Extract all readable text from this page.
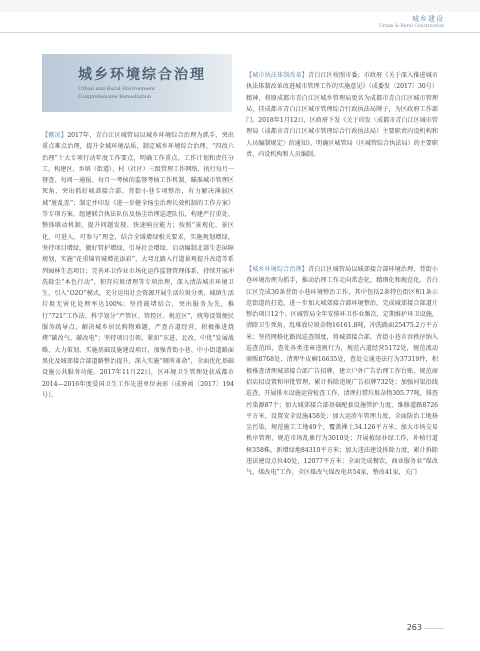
城乡建设
Urban & Rural Construction
城乡环境综合治理
Urban and Rural Environment
Comprehensive Remediation
【概况】2017年，青白江区城管局以城乡环境综合治理为抓手，突出重点难点治理，提升全域环境品质，制定城乡环境综合治理、“四改六治理”十大专项行动年度工作要点，明确工作重点、工作计划和责任分工。构建区、乡镇（街道）、村（社区）三级管理工作网络，执行每月一督查、每周一通报、每月一考核的监督考核工作机制，瞄准城市管理区死角，突出抓好城郊接合部、背街小巷专项整治，有力解决薄弱区域“脏乱差”；制定并印发《进一步健全扬尘治理长效机制的工作方案》等专项方案，组建联合执法队伍及扬尘治理巡逻队伍，构建严打重处、整体联动机制，提升问题发现、快速响应能力；按照“景观化、景区化、可进入、可参与”理念，结合全域增绿相关要求，实施规划增绿，坚持项目增绿，做好管护增绿，引导社会增绿，启动编制北部生态屏障规划，实施“花重锦官城增花添彩”、大弯北路入行道景观提升改造等系列园林生态项目；完善环卫作业市场化运作监督管理体系，持续开展冲洗除尘“本色行动”、积存垃圾清理等专项治理，深入清洁城市环境卫生，引入“O2O”模式，充分运用社会资源开展生活垃圾分类，城镇生活垃圾无害化处理率达100%；坚持疏堵结合，突出服务为先，推行“721”工作法，科学划分“严管区、管控区、规范区”，统筹设置便民服务疏导点，解决城乡居民购物难题，严查占道经营，积极推进烧烤“碳改气、碳改电”；坚持项目引领，紧扣“东进、北改、中优”发展战略，大力策划、实施基础设施建设项目，加强背街小巷、中小街道路面黑化及城郊接合部道路整治提升，深入实施“厕所革命”，全面优化基础设施公共服务功能。2017年11月22日，区环境卫生管理处获成都市2014—2016年度爱国卫生工作先进单位表彰（成府函〔2017〕194号）。
【城市执法体制改革】青白江区按照市委、市政府《关于深入推进城市执法体制改革改进城市管理工作的实施意见》（成委发〔2017〕30号）精神，将原成都市青白江区城乡管理局更名为成都市青白江区城市管理局，挂成都市青白江区城市管理综合行政执法局牌子，为区政府工作部门。2018年1月12日，区政府下发《关于印发〈成都市青白江区城市管理局（成都市青白江区城市管理综合行政执法局）主要职责内设机构和人员编制规定〉的通知》，明确区城管局（区城管综合执法局）的主要职责、内设机构和人员编制。
【城乡环境综合治理】青白江区城管局以城郊接合部环境治理、背街小巷环境治理为抓手，推动治理工作走向常态化、精细化和规范化。青白江区完成30条背街小巷环境整治工作，其中包括2条特色街区和1条示范街道的打造，进一步加大城郊接合部环境整治，完成城郊接合部道片整治项目12个。区城管局全年安排环卫作业频次，定期维护环卫设施，清除卫生死角、乱堆放垃圾杂物16161.8吨，冲洗路面25475.2万平方米；坚持网格化路段巡查制度，将城郊接合部、背街小巷市容秩序纳入巡查范围，查处各类违章违规行为，规范占道经营5172处，规范流动商贩8768处，清理牛皮癣16635处，查处交通违法行为37319件，积极推查清理城郊接合部广告招牌，建立户外广告治理工作台账，规范商招店招设置和审批管理，累计拆除违规广告招牌732处；加强河渠沿线巡查，开展排水设施运营检查工作，清理打捞垃圾杂物305.77吨，排查污染源87个；加大城郊接合部基础配套设施管护力度，维修道路8726平方米，设置安全设施458处；加大运渣车管理力度，全面防治工地扬尘污染，规范施工工地49个，覆盖裸土34.126平方米；加大市场交易秩序管理，规范市场乱象行为3010处；开展植绿补绿工作，补植行道树358株，新增绿地84310平方米；加大违法建设拆除力度，累计拆除违法建设点位40处，12077平方米；全面完成餐饮、商业服务业“煤改气、煤改电”工作，全区煤改气煤改电共54家，整改41家，关门
263
